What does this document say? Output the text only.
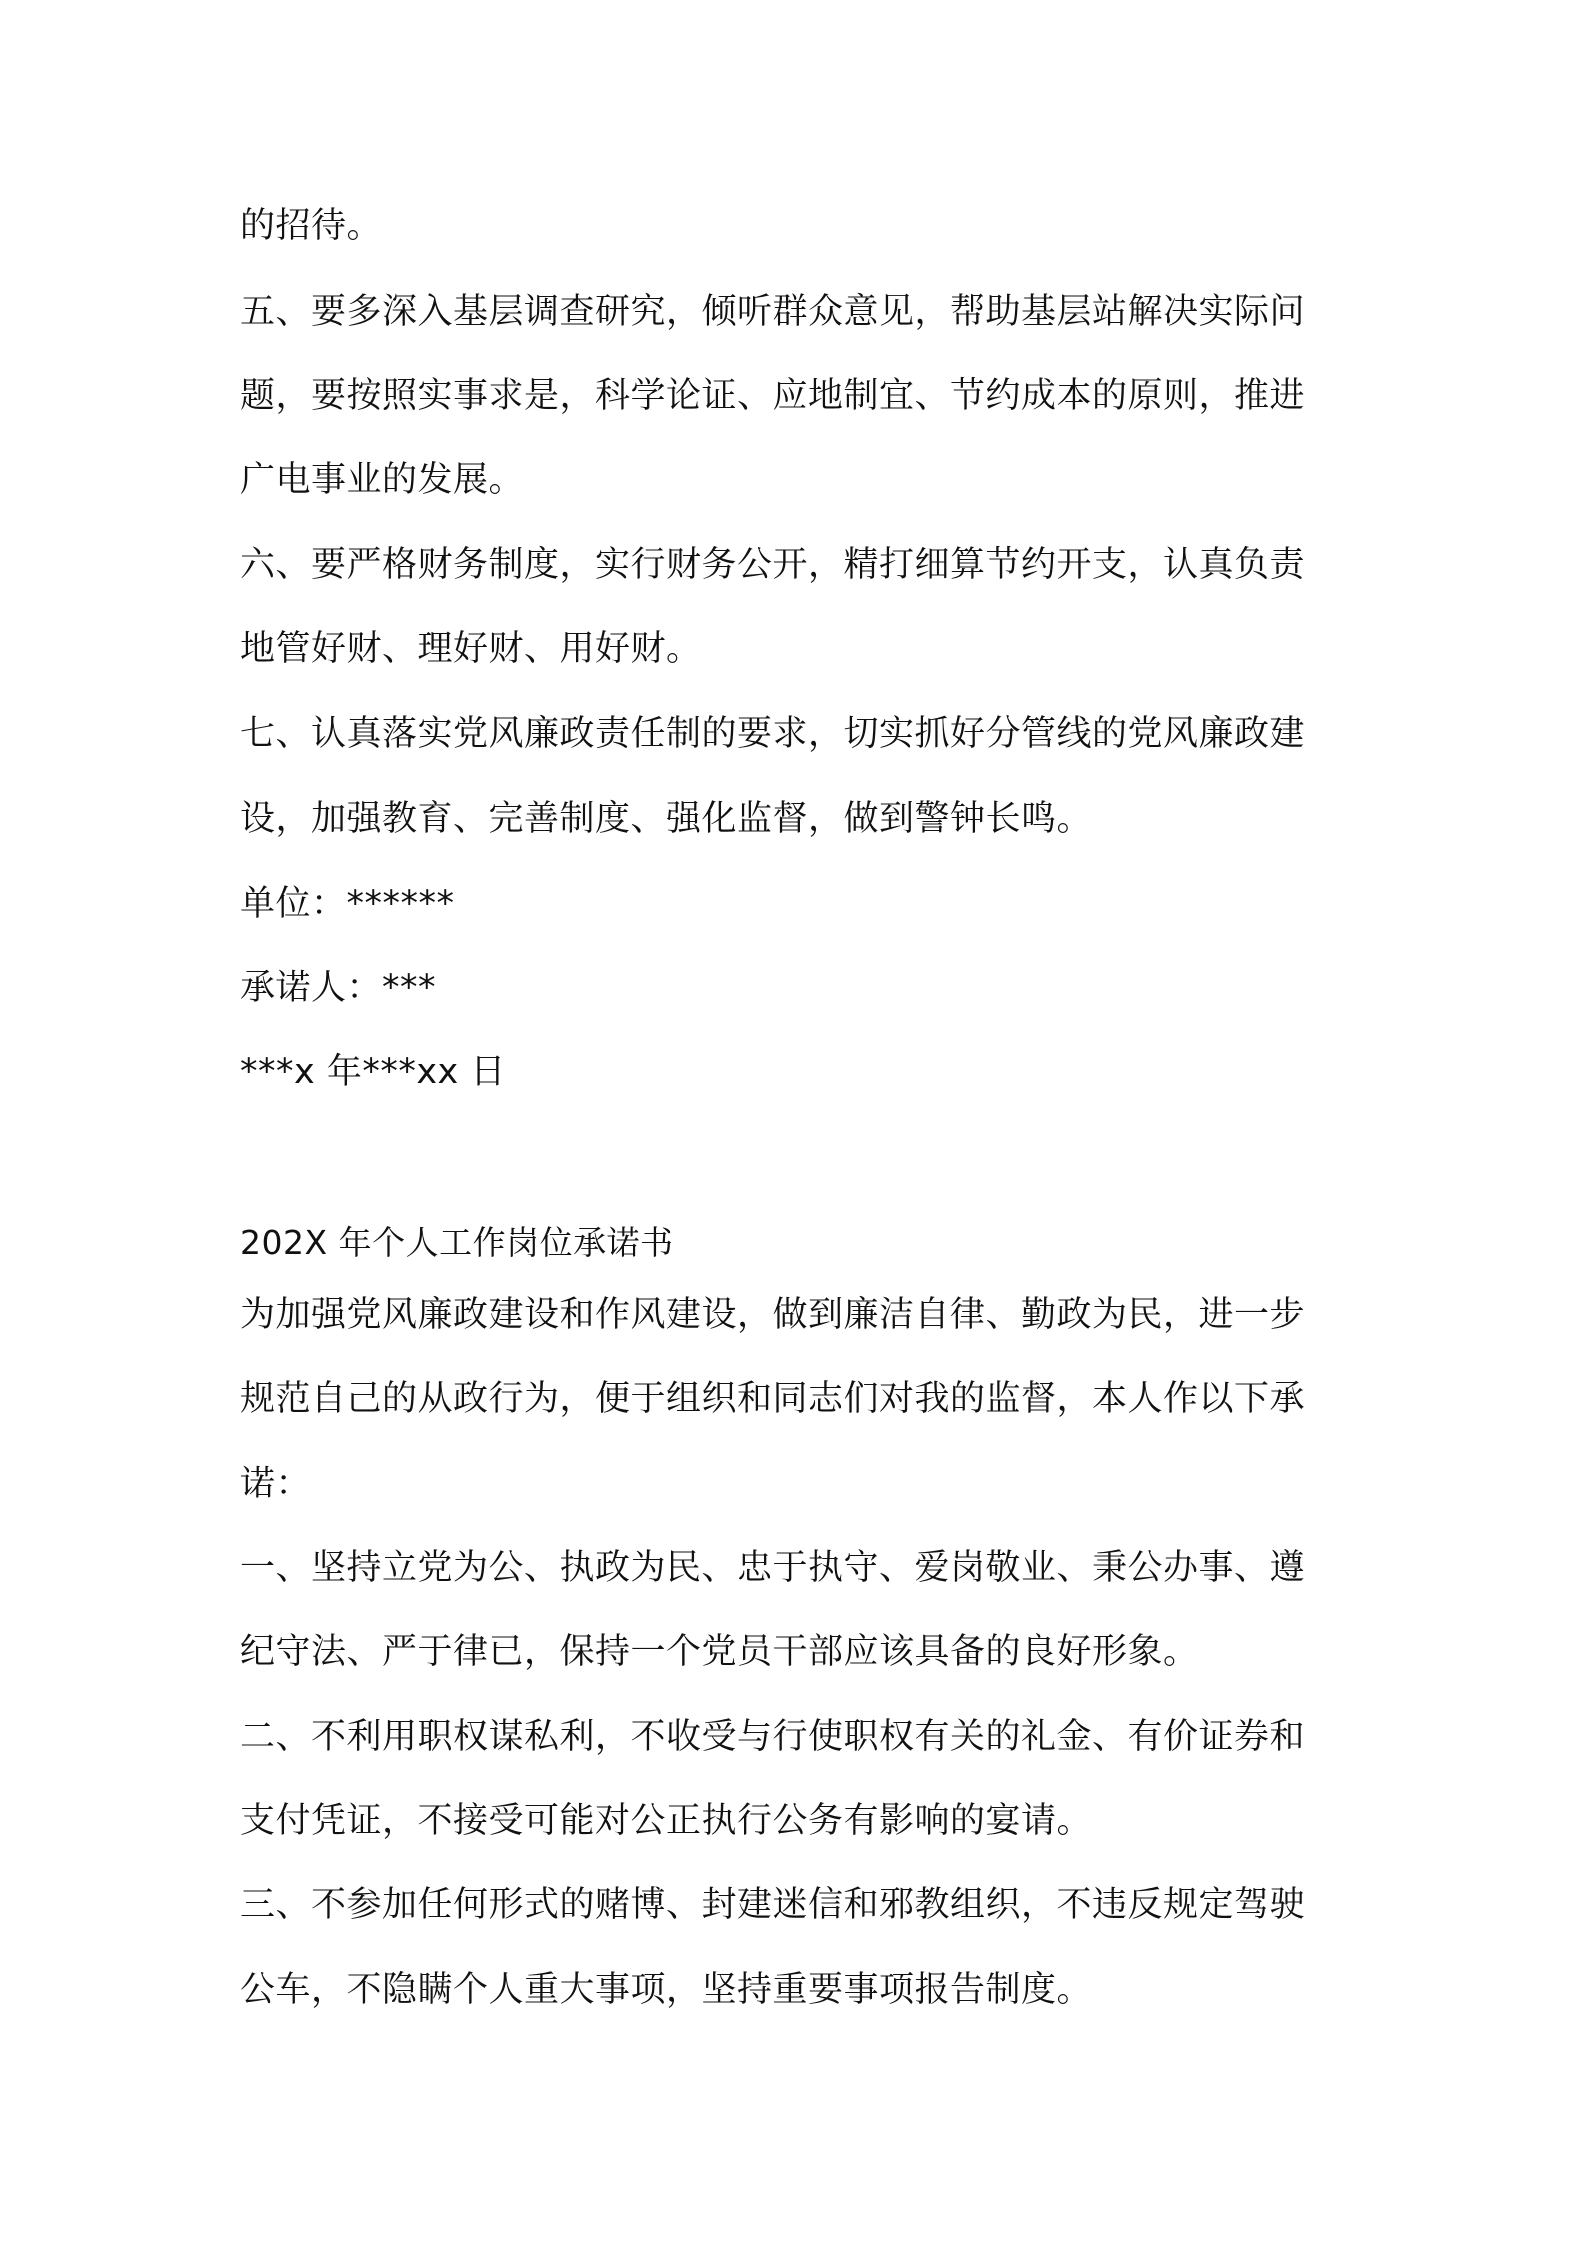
的招待。
五、要多深入基层调查研究，倾听群众意见，帮助基层站解决实际问
题，要按照实事求是，科学论证、应地制宜、节约成本的原则，推进
广电事业的发展。
六、要严格财务制度，实行财务公开，精打细算节约开支，认真负责
地管好财、理好财、用好财。
七、认真落实党风廉政责任制的要求，切实抓好分管线的党风廉政建
设，加强教育、完善制度、强化监督，做到警钟长鸣。
单位：******
承诺人：***
***x 年***xx 日
202X 年个人工作岗位承诺书
为加强党风廉政建设和作风建设，做到廉洁自律、勤政为民，进一步
规范自己的从政行为，便于组织和同志们对我的监督，本人作以下承
诺：
一、坚持立党为公、执政为民、忠于执守、爱岗敬业、秉公办事、遵
纪守法、严于律已，保持一个党员干部应该具备的良好形象。
二、不利用职权谋私利，不收受与行使职权有关的礼金、有价证券和
支付凭证，不接受可能对公正执行公务有影响的宴请。
三、不参加任何形式的赌博、封建迷信和邪教组织，不违反规定驾驶
公车，不隐瞒个人重大事项，坚持重要事项报告制度。
